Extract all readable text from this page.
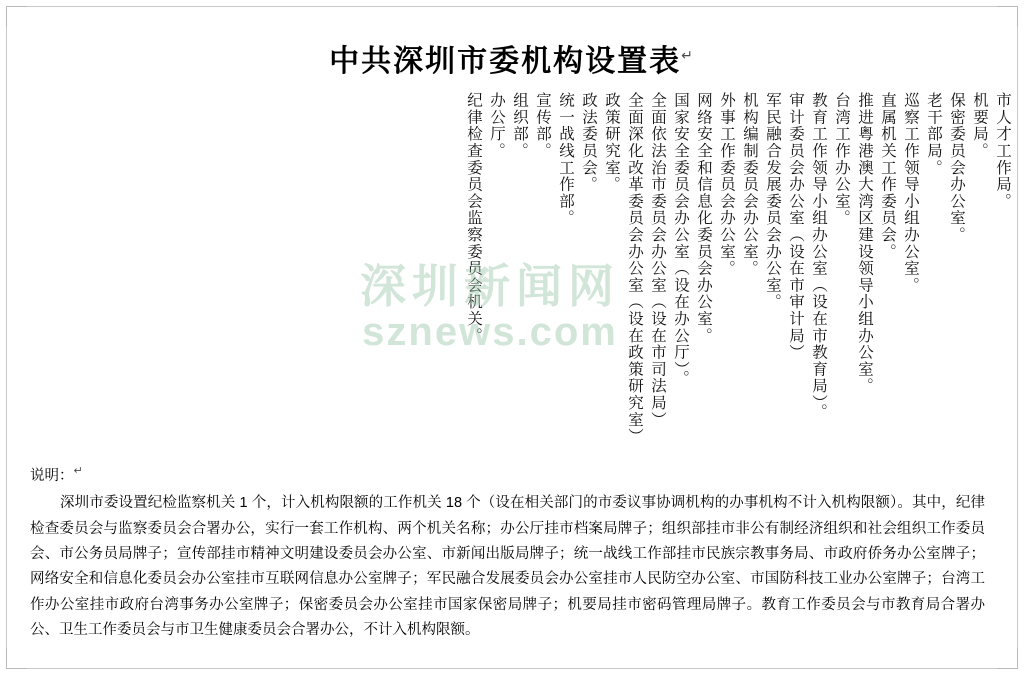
中共深圳市委机构设置表↵
市人才工作局。
机要局。
保密委员会办公室。
老干部局。
巡察工作领导小组办公室。
直属机关工作委员会。
推进粤港澳大湾区建设领导小组办公室。
台湾工作办公室。
教育工作领导小组办公室（设在市教育局）。
审计委员会办公室（设在市审计局）
军民融合发展委员会办公室。
机构编制委员会办公室。
外事工作委员会办公室。
网络安全和信息化委员会办公室。
国家安全委员会办公室（设在办公厅）。
全面依法治市委员会办公室（设在市司法局）
全面深化改革委员会办公室（设在政策研究室）
政策研究室。
政法委员会。
统一战线工作部。
宣传部。
组织部。
办公厅。
纪律检查委员会监察委员会机关。
深圳新闻网
sznews.com
说明：↵
深圳市委设置纪检监察机关 1 个，计入机构限额的工作机关 18 个（设在相关部门的市委议事协调机构的办事机构不计入机构限额）。其中，纪律检查委员会与监察委员会合署办公，实行一套工作机构、两个机关名称；办公厅挂市档案局牌子；组织部挂市非公有制经济组织和社会组织工作委员会、市公务员局牌子；宣传部挂市精神文明建设委员会办公室、市新闻出版局牌子；统一战线工作部挂市民族宗教事务局、市政府侨务办公室牌子；网络安全和信息化委员会办公室挂市互联网信息办公室牌子；军民融合发展委员会办公室挂市人民防空办公室、市国防科技工业办公室牌子；台湾工作办公室挂市政府台湾事务办公室牌子；保密委员会办公室挂市国家保密局牌子；机要局挂市密码管理局牌子。教育工作委员会与市教育局合署办公、卫生工作委员会与市卫生健康委员会合署办公，不计入机构限额。
